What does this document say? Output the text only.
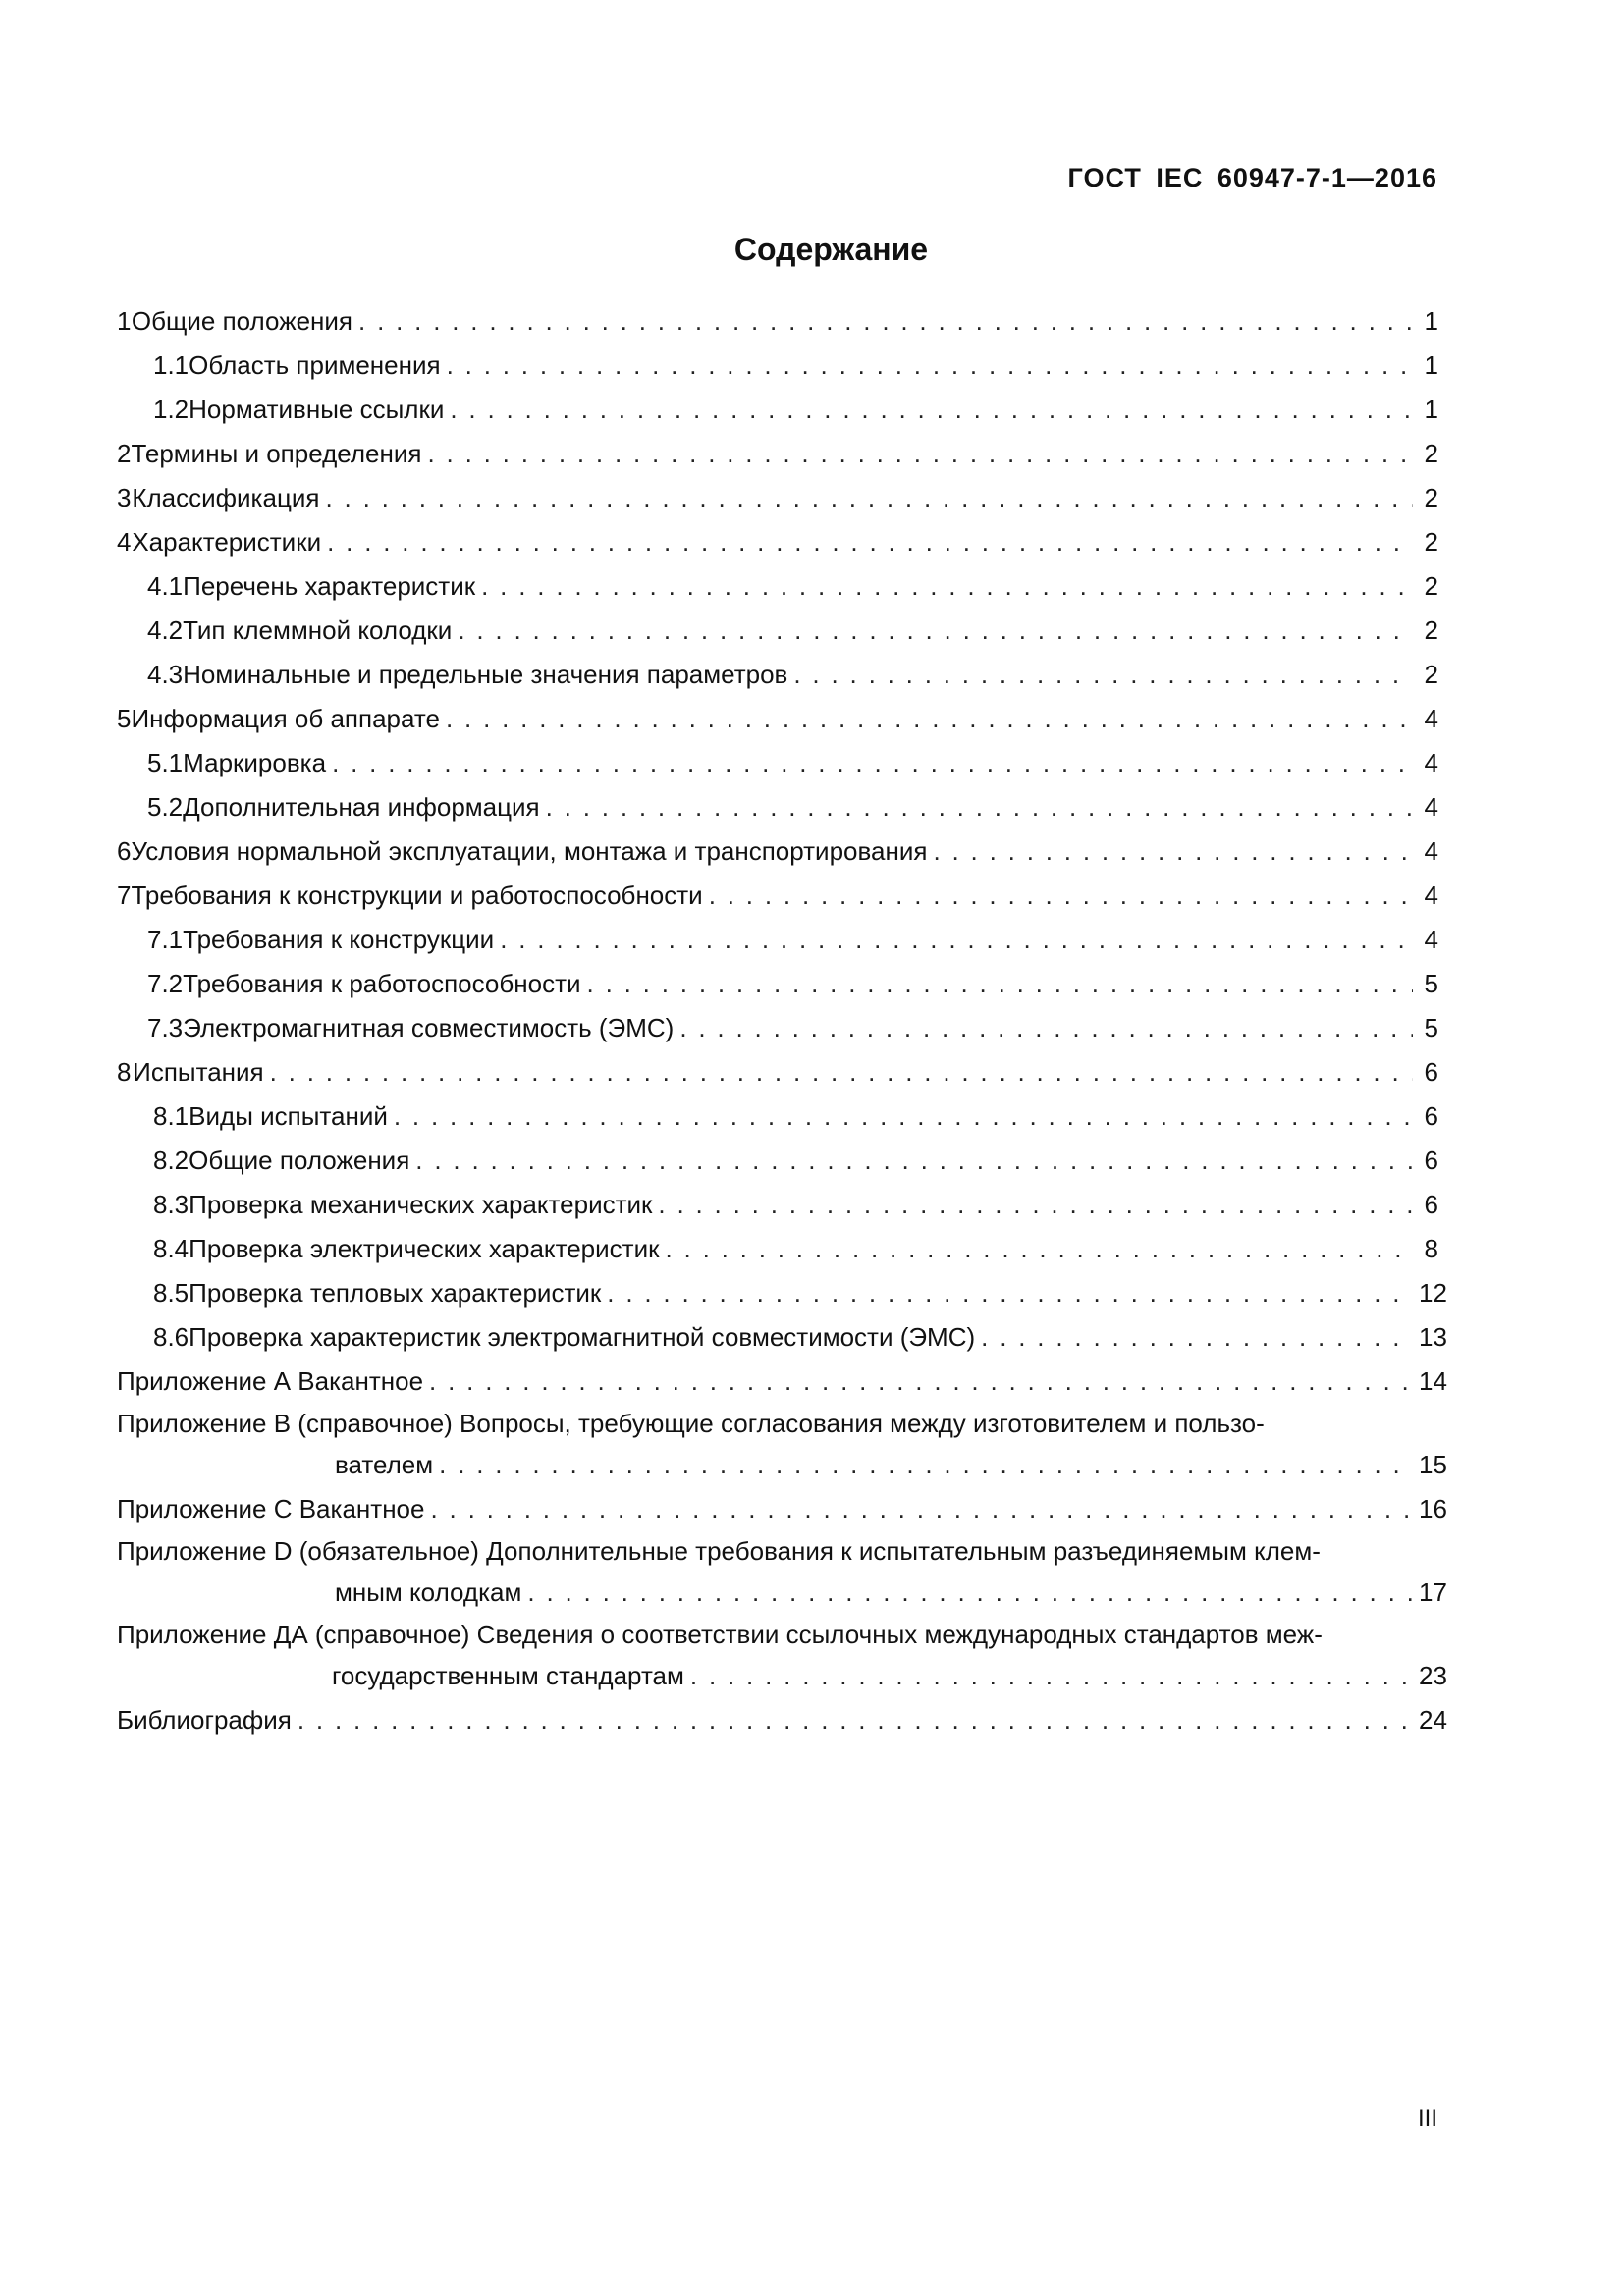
ГОСТ IEC 60947-7-1—2016
Содержание
1 Общие положения . . .	1
1.1 Область применения . . .	1
1.2 Нормативные ссылки . . .	1
2 Термины и определения . . .	2
3 Классификация . . .	2
4 Характеристики . . .	2
4.1 Перечень характеристик . . .	2
4.2 Тип клеммной колодки . . .	2
4.3 Номинальные и предельные значения параметров . . .	2
5 Информация об аппарате . . .	4
5.1 Маркировка . . .	4
5.2 Дополнительная информация . . .	4
6 Условия нормальной эксплуатации, монтажа и транспортирования . . .	4
7 Требования к конструкции и работоспособности . . .	4
7.1 Требования к конструкции . . .	4
7.2 Требования к работоспособности . . .	5
7.3 Электромагнитная совместимость (ЭМС) . . .	5
8 Испытания . . .	6
8.1 Виды испытаний . . .	6
8.2 Общие положения . . .	6
8.3 Проверка механических характеристик . . .	6
8.4 Проверка электрических характеристик . . .	8
8.5 Проверка тепловых характеристик . . .	12
8.6 Проверка характеристик электромагнитной совместимости (ЭМС) . . .	13
Приложение А Вакантное . . .	14
Приложение В (справочное) Вопросы, требующие согласования между изготовителем и пользо-
вателем . . .	15
Приложение С Вакантное . . .	16
Приложение D (обязательное) Дополнительные требования к испытательным разъединяемым клем-
мным колодкам . . .	17
Приложение ДА (справочное) Сведения о соответствии ссылочных международных стандартов меж-
государственным стандартам . . .	23
Библиография . . .	24
III
